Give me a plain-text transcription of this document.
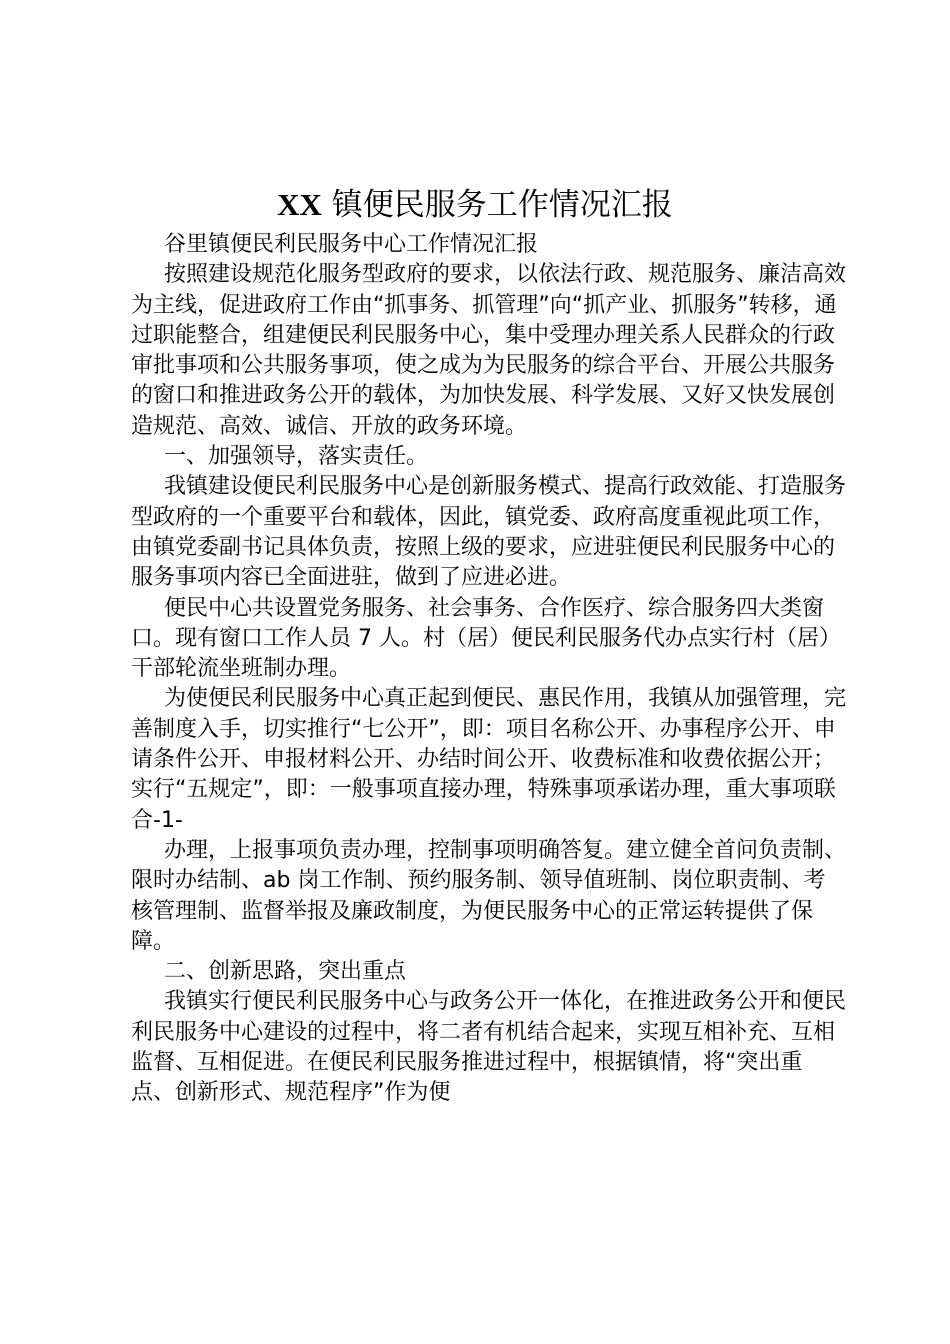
XX 镇便民服务工作情况汇报

谷里镇便民利民服务中心工作情况汇报

按照建设规范化服务型政府的要求，以依法行政、规范服务、廉洁高效为主线，促进政府工作由“抓事务、抓管理”向“抓产业、抓服务”转移，通过职能整合，组建便民利民服务中心，集中受理办理关系人民群众的行政审批事项和公共服务事项，使之成为为民服务的综合平台、开展公共服务的窗口和推进政务公开的载体，为加快发展、科学发展、又好又快发展创造规范、高效、诚信、开放的政务环境。

一、加强领导，落实责任。

我镇建设便民利民服务中心是创新服务模式、提高行政效能、打造服务型政府的一个重要平台和载体，因此，镇党委、政府高度重视此项工作，由镇党委副书记具体负责，按照上级的要求，应进驻便民利民服务中心的服务事项内容已全面进驻，做到了应进必进。

便民中心共设置党务服务、社会事务、合作医疗、综合服务四大类窗口。现有窗口工作人员 7 人。村（居）便民利民服务代办点实行村（居）干部轮流坐班制办理。

为使便民利民服务中心真正起到便民、惠民作用，我镇从加强管理，完善制度入手，切实推行“七公开”，即：项目名称公开、办事程序公开、申请条件公开、申报材料公开、办结时间公开、收费标准和收费依据公开；实行“五规定”，即：一般事项直接办理，特殊事项承诺办理，重大事项联合-1-

办理，上报事项负责办理，控制事项明确答复。建立健全首问负责制、限时办结制、ab 岗工作制、预约服务制、领导值班制、岗位职责制、考核管理制、监督举报及廉政制度，为便民服务中心的正常运转提供了保障。

二、创新思路，突出重点

我镇实行便民利民服务中心与政务公开一体化，在推进政务公开和便民利民服务中心建设的过程中，将二者有机结合起来，实现互相补充、互相监督、互相促进。在便民利民服务推进过程中，根据镇情，将“突出重点、创新形式、规范程序”作为便
